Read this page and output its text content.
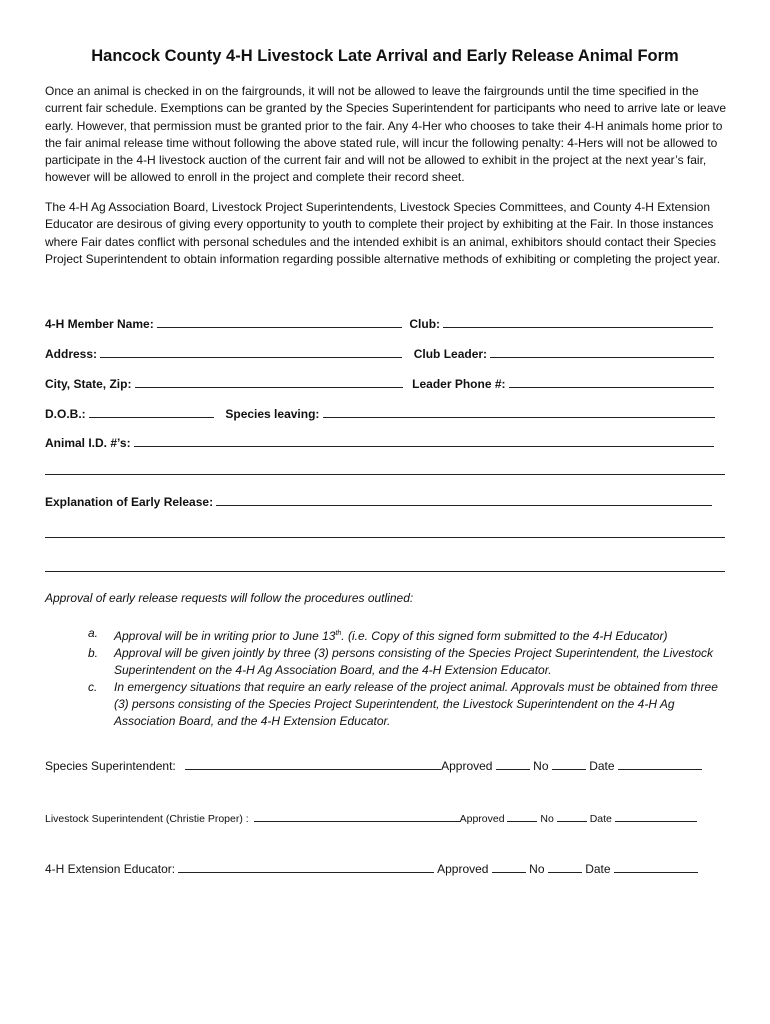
Hancock County 4-H Livestock Late Arrival and Early Release Animal Form
Once an animal is checked in on the fairgrounds, it will not be allowed to leave the fairgrounds until the time specified in the current fair schedule. Exemptions can be granted by the Species Superintendent for participants who need to arrive late or leave early. However, that permission must be granted prior to the fair. Any 4-Her who chooses to take their 4-H animals home prior to the fair animal release time without following the above stated rule, will incur the following penalty: 4-Hers will not be allowed to participate in the 4-H livestock auction of the current fair and will not be allowed to exhibit in the project at the next year’s fair, however will be allowed to enroll in the project and complete their record sheet.
The 4-H Ag Association Board, Livestock Project Superintendents, Livestock Species Committees, and County 4-H Extension Educator are desirous of giving every opportunity to youth to complete their project by exhibiting at the Fair. In those instances where Fair dates conflict with personal schedules and the intended exhibit is an animal, exhibitors should contact their Species Project Superintendent to obtain information regarding possible alternative methods of exhibiting or completing the project year.
4-H Member Name:	Club:
Address:	Club Leader:
City, State, Zip:	Leader Phone #:
D.O.B.:	Species leaving:
Animal I.D. #’s:
Explanation of Early Release:
Approval of early release requests will follow the procedures outlined:
a.	Approval will be in writing prior to June 13th. (i.e. Copy of this signed form submitted to the 4-H Educator)
b.	Approval will be given jointly by three (3) persons consisting of the Species Project Superintendent, the Livestock Superintendent on the 4-H Ag Association Board, and the 4-H Extension Educator.
c.	In emergency situations that require an early release of the project animal. Approvals must be obtained from three (3) persons consisting of the Species Project Superintendent, the Livestock Superintendent on the 4-H Ag Association Board, and the 4-H Extension Educator.
Species Superintendent:	Approved	No	Date
Livestock Superintendent (Christie Proper) :	Approved	No	Date
4-H Extension Educator:	Approved	No	Date
